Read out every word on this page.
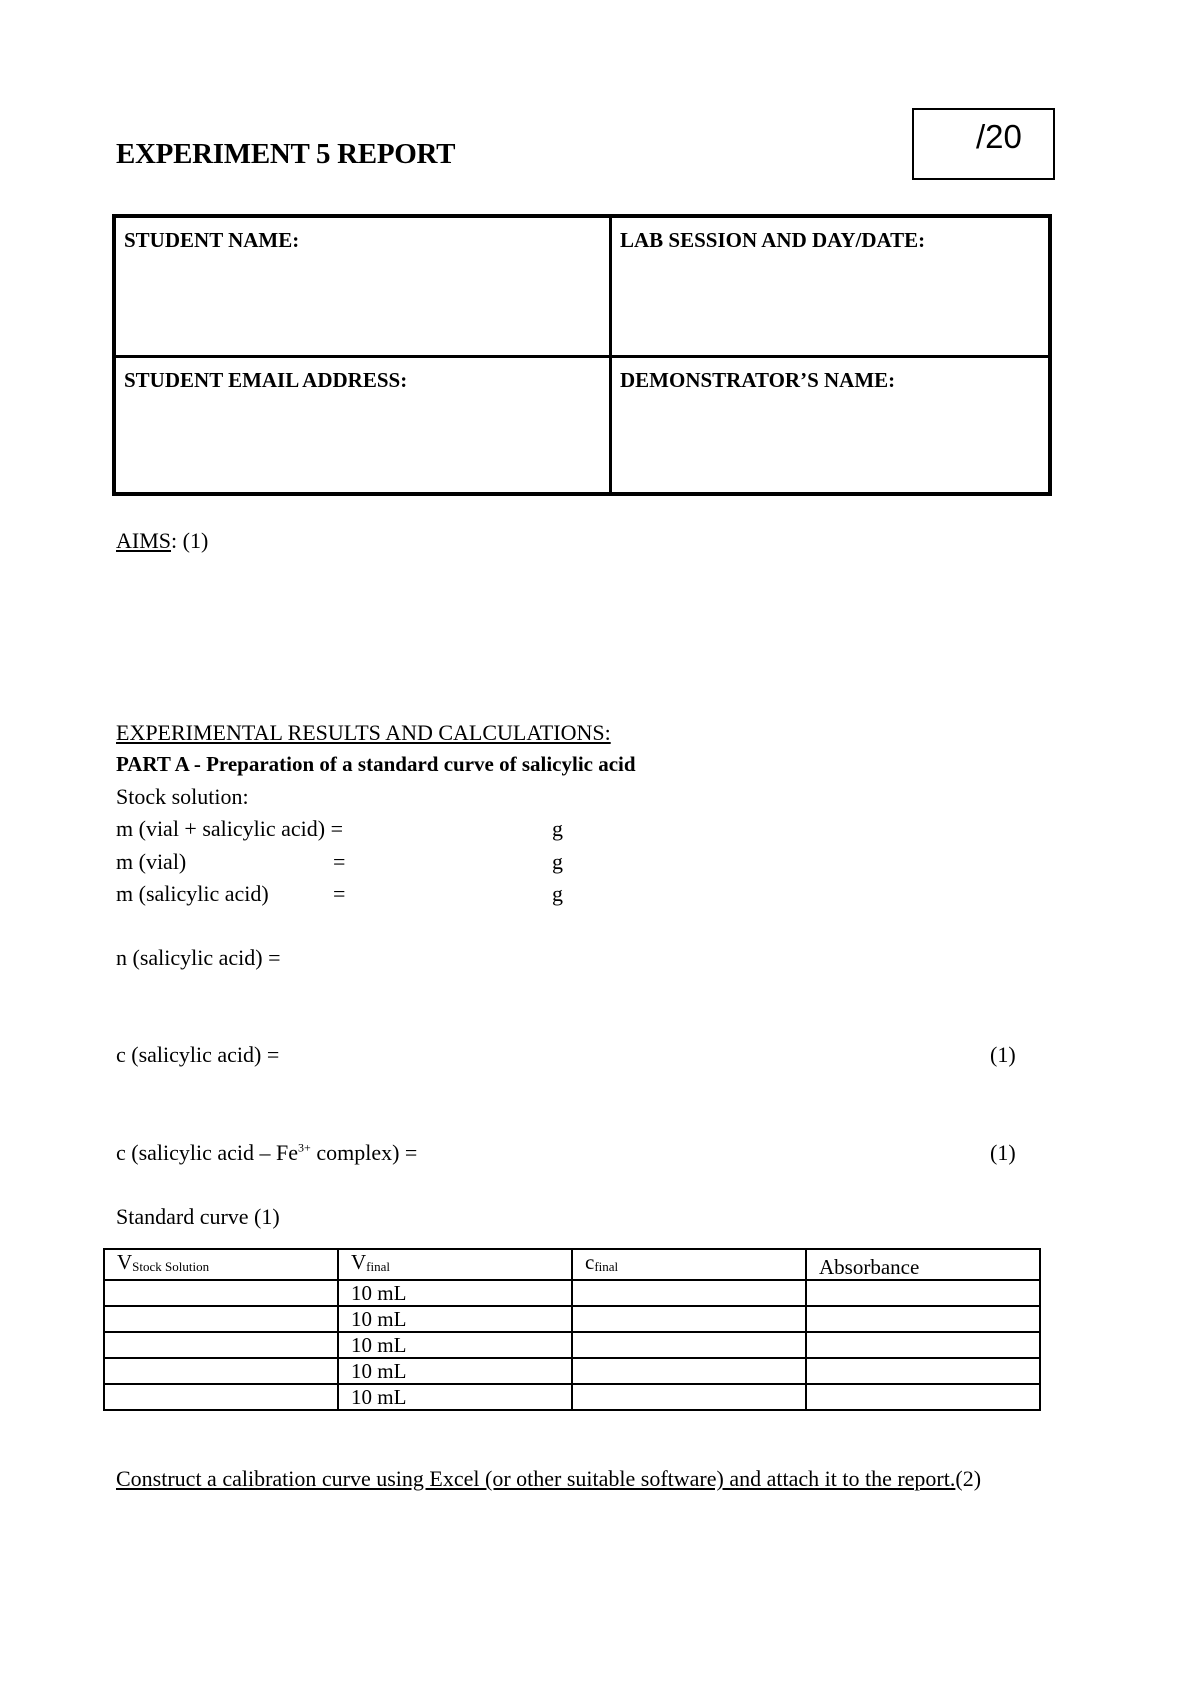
EXPERIMENT 5 REPORT	/20
STUDENT NAME:	LAB SESSION AND DAY/DATE:
STUDENT EMAIL ADDRESS:	DEMONSTRATOR’S NAME:
AIMS: (1)
EXPERIMENTAL RESULTS AND CALCULATIONS:
PART A - Preparation of a standard curve of salicylic acid
Stock solution:
m (vial + salicylic acid) =	g
m (vial)	=	g
m (salicylic acid)	=	g
n (salicylic acid) =
c (salicylic acid) =	(1)
c (salicylic acid – $Fe^{3+}$ complex) =	(1)
Standard curve (1)
$V_{Stock Solution}$	$V_{final}$	$c_{final}$	Absorbance
	10 mL		
	10 mL		
	10 mL		
	10 mL		
	10 mL		
Construct a calibration curve using Excel (or other suitable software) and attach it to the report.(2)
